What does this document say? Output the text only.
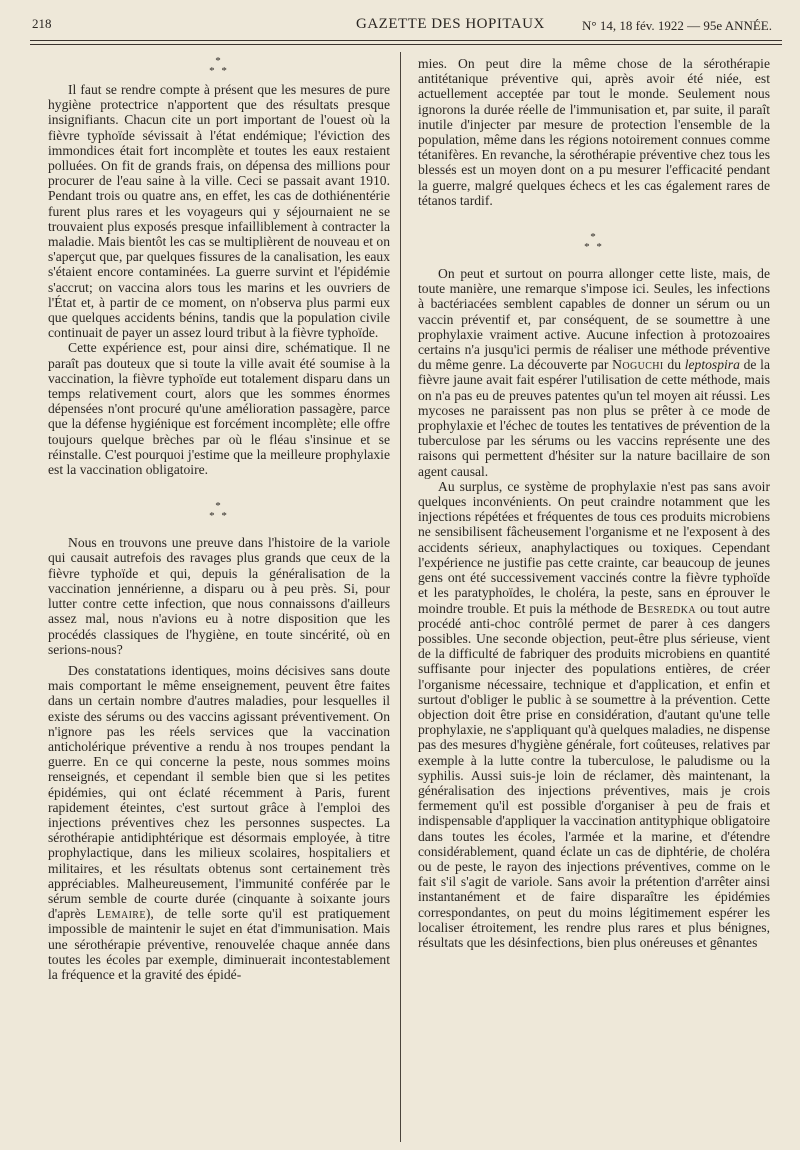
218	GAZETTE DES HOPITAUX	N° 14, 18 fév. 1922 — 95e ANNÉE.
*
* *

Il faut se rendre compte à présent que les mesures de pure hygiène protectrice n'apportent que des résultats presque insignifiants. Chacun cite un port important de l'ouest où la fièvre typhoïde sévissait à l'état endémique; l'éviction des immondices était fort incomplète et toutes les eaux restaient polluées. On fit de grands frais, on dépensa des millions pour procurer de l'eau saine à la ville. Ceci se passait avant 1910. Pendant trois ou quatre ans, en effet, les cas de dothiénentérie furent plus rares et les voyageurs qui y séjournaient ne se trouvaient plus exposés presque infailliblement à contracter la maladie. Mais bientôt les cas se multiplièrent de nouveau et on s'aperçut que, par quelques fissures de la canalisation, les eaux s'étaient encore contaminées. La guerre survint et l'épidémie s'accrut; on vaccina alors tous les marins et les ouvriers de l'État et, à partir de ce moment, on n'observa plus parmi eux que quelques accidents bénins, tandis que la population civile continuait de payer un assez lourd tribut à la fièvre typhoïde.

Cette expérience est, pour ainsi dire, schématique. Il ne paraît pas douteux que si toute la ville avait été soumise à la vaccination, la fièvre typhoïde eut totalement disparu dans un temps relativement court, alors que les sommes énormes dépensées n'ont procuré qu'une amélioration passagère, parce que la défense hygiénique est forcément incomplète; elle offre toujours quelque brèches par où le fléau s'insinue et se réinstalle. C'est pourquoi j'estime que la meilleure prophylaxie est la vaccination obligatoire.

*
* *

Nous en trouvons une preuve dans l'histoire de la variole qui causait autrefois des ravages plus grands que ceux de la fièvre typhoïde et qui, depuis la généralisation de la vaccination jennérienne, a disparu ou à peu près. Si, pour lutter contre cette infection, que nous connaissons d'ailleurs assez mal, nous n'avions eu à notre disposition que les procédés classiques de l'hygiène, en toute sincérité, où en serions-nous?

Des constatations identiques, moins décisives sans doute mais comportant le même enseignement, peuvent être faites dans un certain nombre d'autres maladies, pour lesquelles il existe des sérums ou des vaccins agissant préventivement. On n'ignore pas les réels services que la vaccination anticholérique préventive a rendu à nos troupes pendant la guerre. En ce qui concerne la peste, nous sommes moins renseignés, et cependant il semble bien que si les petites épidémies, qui ont éclaté récemment à Paris, furent rapidement éteintes, c'est surtout grâce à l'emploi des injections préventives chez les personnes suspectes. La sérothérapie antidiphtérique est désormais employée, à titre prophylactique, dans les milieux scolaires, hospitaliers et militaires, et les résultats obtenus sont certainement très appréciables. Malheureusement, l'immunité conférée par le sérum semble de courte durée (cinquante à soixante jours d'après Lemaire), de telle sorte qu'il est pratiquement impossible de maintenir le sujet en état d'immunisation. Mais une sérothérapie préventive, renouvelée chaque année dans toutes les écoles par exemple, diminuerait incontestablement la fréquence et la gravité des épidé-

mies. On peut dire la même chose de la sérothérapie antitétanique préventive qui, après avoir été niée, est actuellement acceptée par tout le monde. Seulement nous ignorons la durée réelle de l'immunisation et, par suite, il paraît inutile d'injecter par mesure de protection l'ensemble de la population, même dans les régions notoirement connues comme tétanifères. En revanche, la sérothérapie préventive chez tous les blessés est un moyen dont on a pu mesurer l'efficacité pendant la guerre, malgré quelques échecs et les cas également rares de tétanos tardif.

*
* *

On peut et surtout on pourra allonger cette liste, mais, de toute manière, une remarque s'impose ici. Seules, les infections à bactériacées semblent capables de donner un sérum ou un vaccin préventif et, par conséquent, de se soumettre à une prophylaxie vraiment active. Aucune infection à protozoaires certains n'a jusqu'ici permis de réaliser une méthode préventive du même genre. La découverte par Noguchi du leptospira de la fièvre jaune avait fait espérer l'utilisation de cette méthode, mais on n'a pas eu de preuves patentes qu'un tel moyen ait réussi. Les mycoses ne paraissent pas non plus se prêter à ce mode de prophylaxie et l'échec de toutes les tentatives de prévention de la tuberculose par les sérums ou les vaccins représente une des raisons qui permettent d'hésiter sur la nature bacillaire de son agent causal.

Au surplus, ce système de prophylaxie n'est pas sans avoir quelques inconvénients. On peut craindre notamment que les injections répétées et fréquentes de tous ces produits microbiens ne sensibilisent fâcheusement l'organisme et ne l'exposent à des accidents sérieux, anaphylactiques ou toxiques. Cependant l'expérience ne justifie pas cette crainte, car beaucoup de jeunes gens ont été successivement vaccinés contre la fièvre typhoïde et les paratyphoïdes, le choléra, la peste, sans en éprouver le moindre trouble. Et puis la méthode de Besredka ou tout autre procédé anti-choc contrôlé permet de parer à ces dangers possibles. Une seconde objection, peut-être plus sérieuse, vient de la difficulté de fabriquer des produits microbiens en quantité suffisante pour injecter des populations entières, de créer l'organisme nécessaire, technique et d'application, et enfin et surtout d'obliger le public à se soumettre à la prévention. Cette objection doit être prise en considération, d'autant qu'une telle prophylaxie, ne s'appliquant qu'à quelques maladies, ne dispense pas des mesures d'hygiène générale, fort coûteuses, relatives par exemple à la lutte contre la tuberculose, le paludisme ou la syphilis. Aussi suis-je loin de réclamer, dès maintenant, la généralisation des injections préventives, mais je crois fermement qu'il est possible d'organiser à peu de frais et indispensable d'appliquer la vaccination antityphique obligatoire dans toutes les écoles, l'armée et la marine, et d'étendre considérablement, quand éclate un cas de diphtérie, de choléra ou de peste, le rayon des injections préventives, comme on le fait s'il s'agit de variole. Sans avoir la prétention d'arrêter ainsi instantanément et de faire disparaître les épidémies correspondantes, on peut du moins légitimement espérer les localiser étroitement, les rendre plus rares et plus bénignes, résultats que les désinfections, bien plus onéreuses et gênantes
